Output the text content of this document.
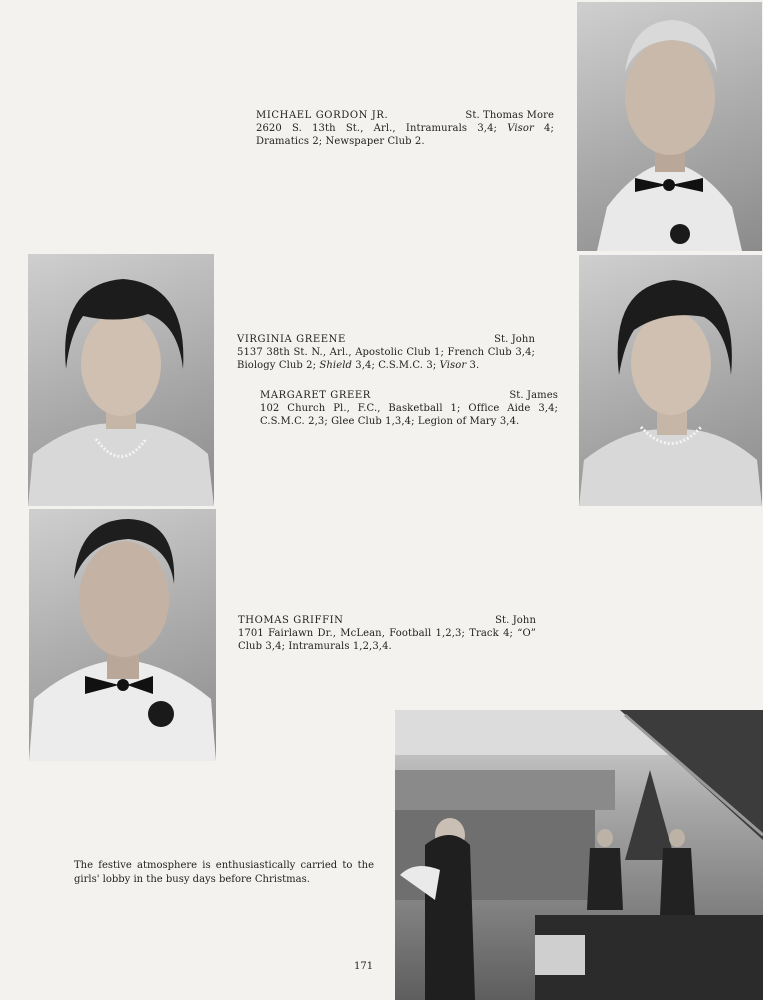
MICHAEL GORDON JR.	St. Thomas More
2620 S. 13th St., Arl., Intramurals 3,4; Visor 4; Dramatics 2; Newspaper Club 2.
VIRGINIA GREENE	St. John
5137 38th St. N., Arl., Apostolic Club 1; French Club 3,4; Biology Club 2; Shield 3,4; C.S.M.C. 3; Visor 3.
MARGARET GREER	St. James
102 Church Pl., F.C., Basketball 1; Office Aide 3,4; C.S.M.C. 2,3; Glee Club 1,3,4; Legion of Mary 3,4.
THOMAS GRIFFIN	St. John
1701 Fairlawn Dr., McLean, Football 1,2,3; Track 4; “O” Club 3,4; Intramurals 1,2,3,4.
The festive atmosphere is enthusiastically carried to the girls' lobby in the busy days before Christmas.
171
